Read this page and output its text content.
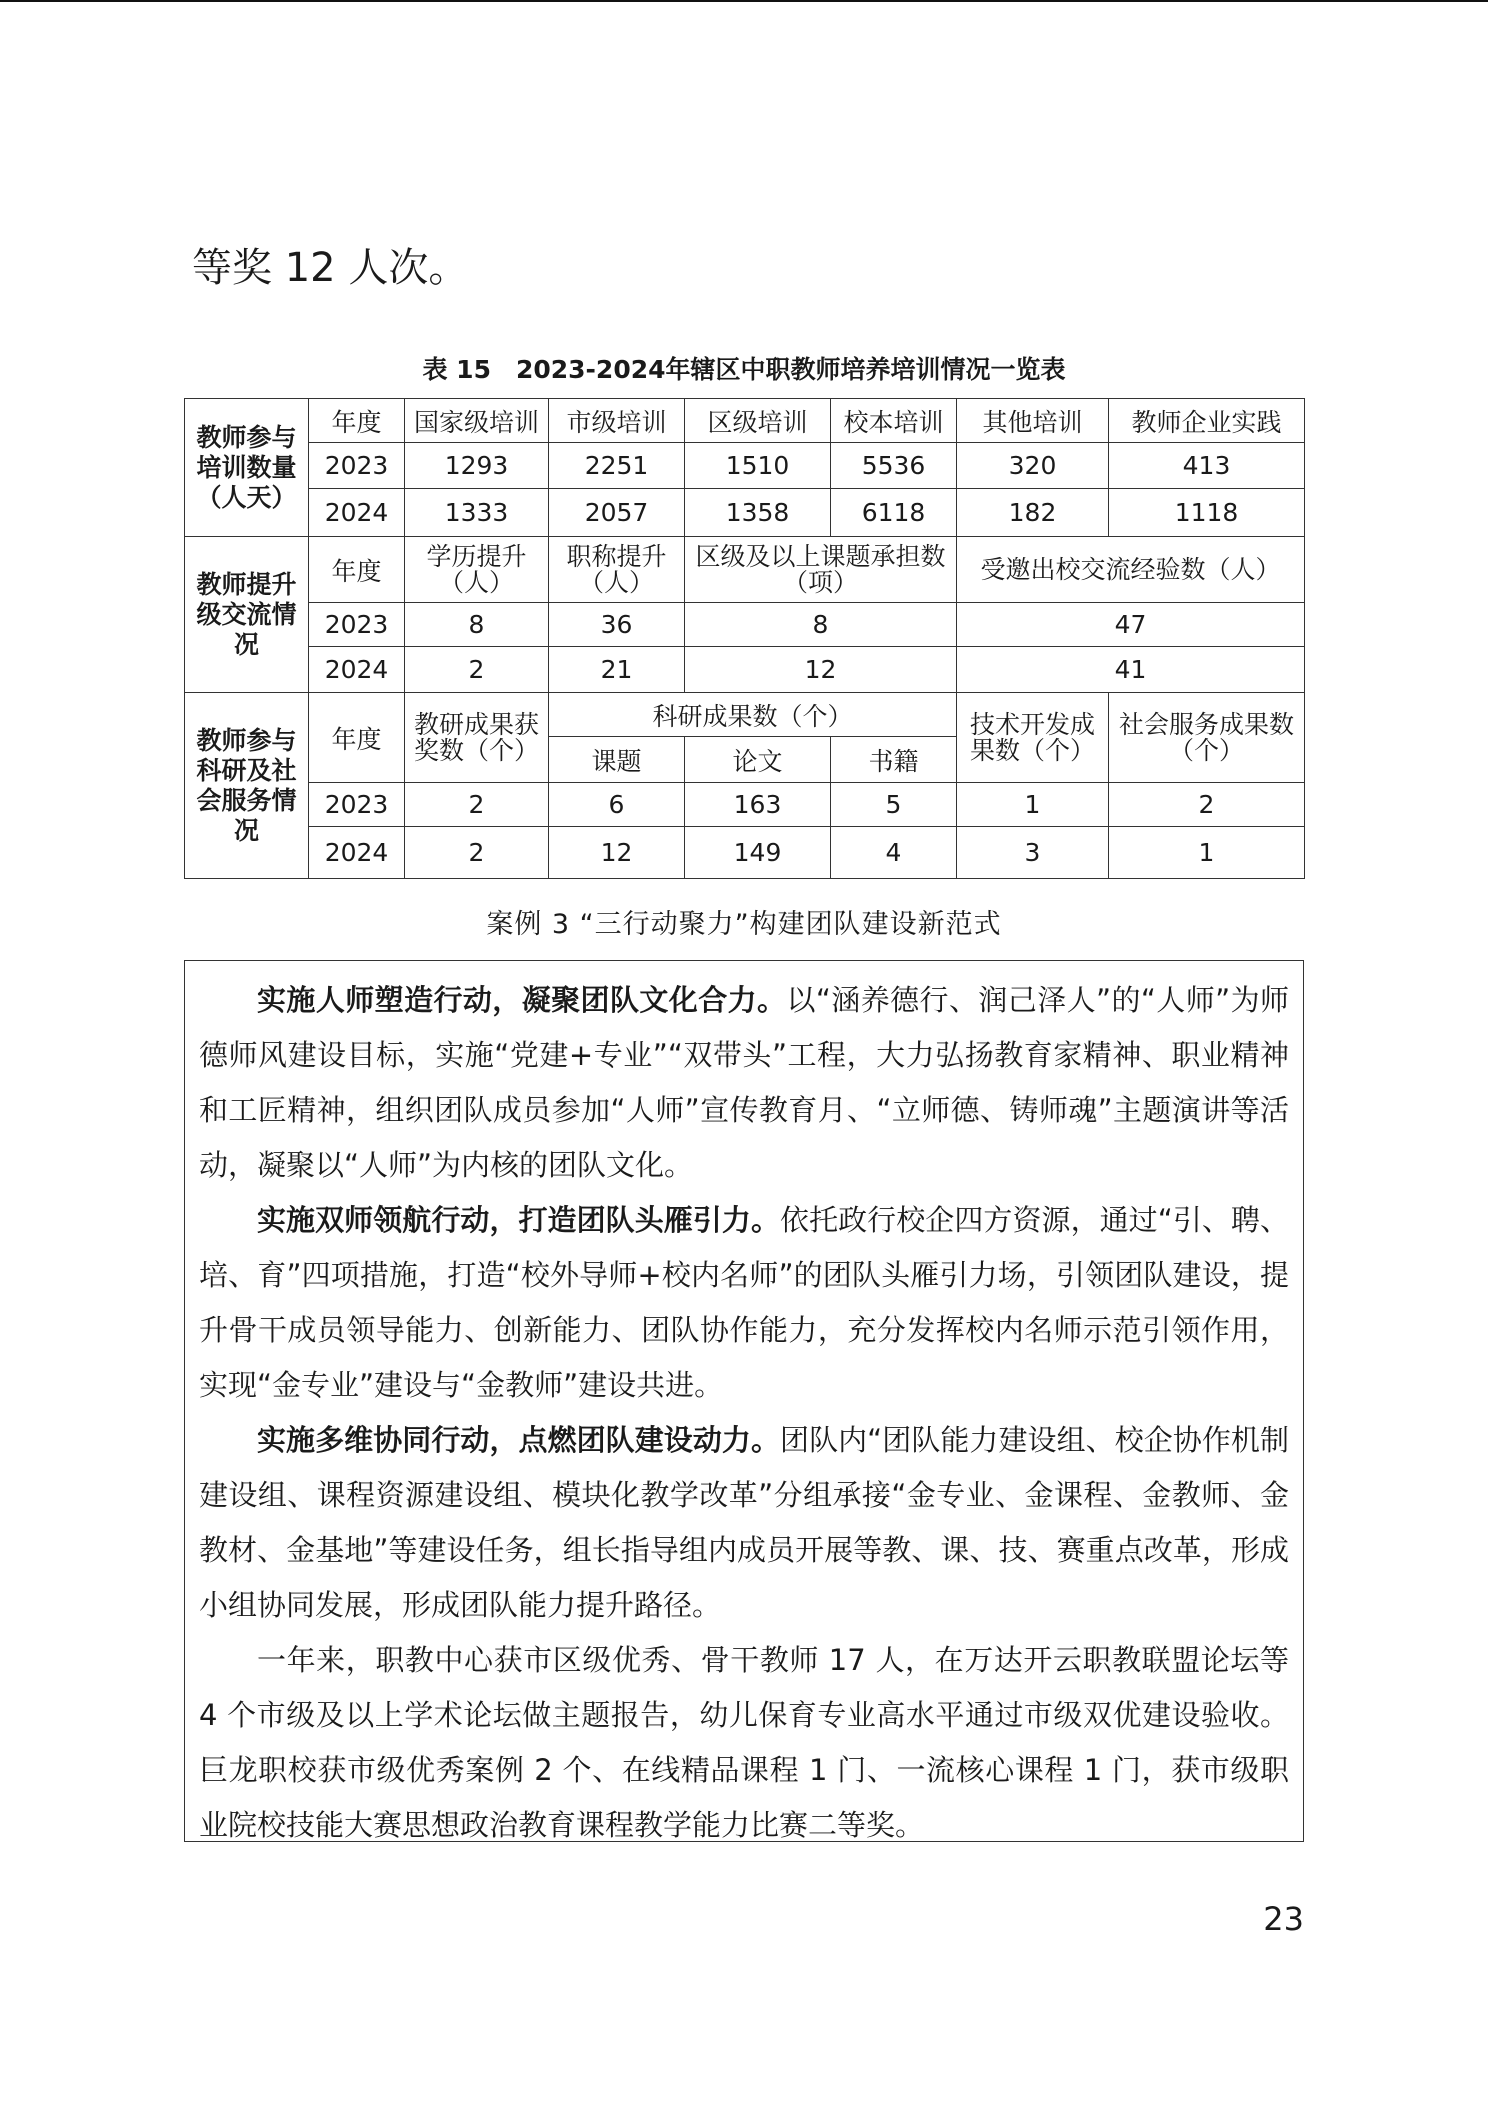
等奖 12 人次。
表 15　2023-2024年辖区中职教师培养培训情况一览表
教师参与培训数量（人天）	年度	国家级培训	市级培训	区级培训	校本培训	其他培训	教师企业实践
	2023	1293	2251	1510	5536	320	413
	2024	1333	2057	1358	6118	182	1118
教师提升级交流情况	年度	学历提升（人）	职称提升（人）	区级及以上课题承担数（项）		受邀出校交流经验数（人）	
	2023	8	36	8		47	
	2024	2	21	12		41	
教师参与科研及社会服务情况	年度	教研成果获奖数（个）	科研成果数（个）			技术开发成果数（个）	社会服务成果数（个）
			课题	论文	书籍		
	2023	2	6	163	5	1	2
	2024	2	12	149	4	3	1
案例 3 “三行动聚力”构建团队建设新范式

实施人师塑造行动，凝聚团队文化合力。以“涵养德行、润己泽人”的“人师”为师德师风建设目标，实施“党建+专业”“双带头”工程，大力弘扬教育家精神、职业精神和工匠精神，组织团队成员参加“人师”宣传教育月、“立师德、铸师魂”主题演讲等活动，凝聚以“人师”为内核的团队文化。

实施双师领航行动，打造团队头雁引力。依托政行校企四方资源，通过“引、聘、培、育”四项措施，打造“校外导师+校内名师”的团队头雁引力场，引领团队建设，提升骨干成员领导能力、创新能力、团队协作能力，充分发挥校内名师示范引领作用，实现“金专业”建设与“金教师”建设共进。

实施多维协同行动，点燃团队建设动力。团队内“团队能力建设组、校企协作机制建设组、课程资源建设组、模块化教学改革”分组承接“金专业、金课程、金教师、金教材、金基地”等建设任务，组长指导组内成员开展等教、课、技、赛重点改革，形成小组协同发展，形成团队能力提升路径。

一年来，职教中心获市区级优秀、骨干教师 17 人，在万达开云职教联盟论坛等 4 个市级及以上学术论坛做主题报告，幼儿保育专业高水平通过市级双优建设验收。巨龙职校获市级优秀案例 2 个、在线精品课程 1 门、一流核心课程 1 门，获市级职业院校技能大赛思想政治教育课程教学能力比赛二等奖。

23
